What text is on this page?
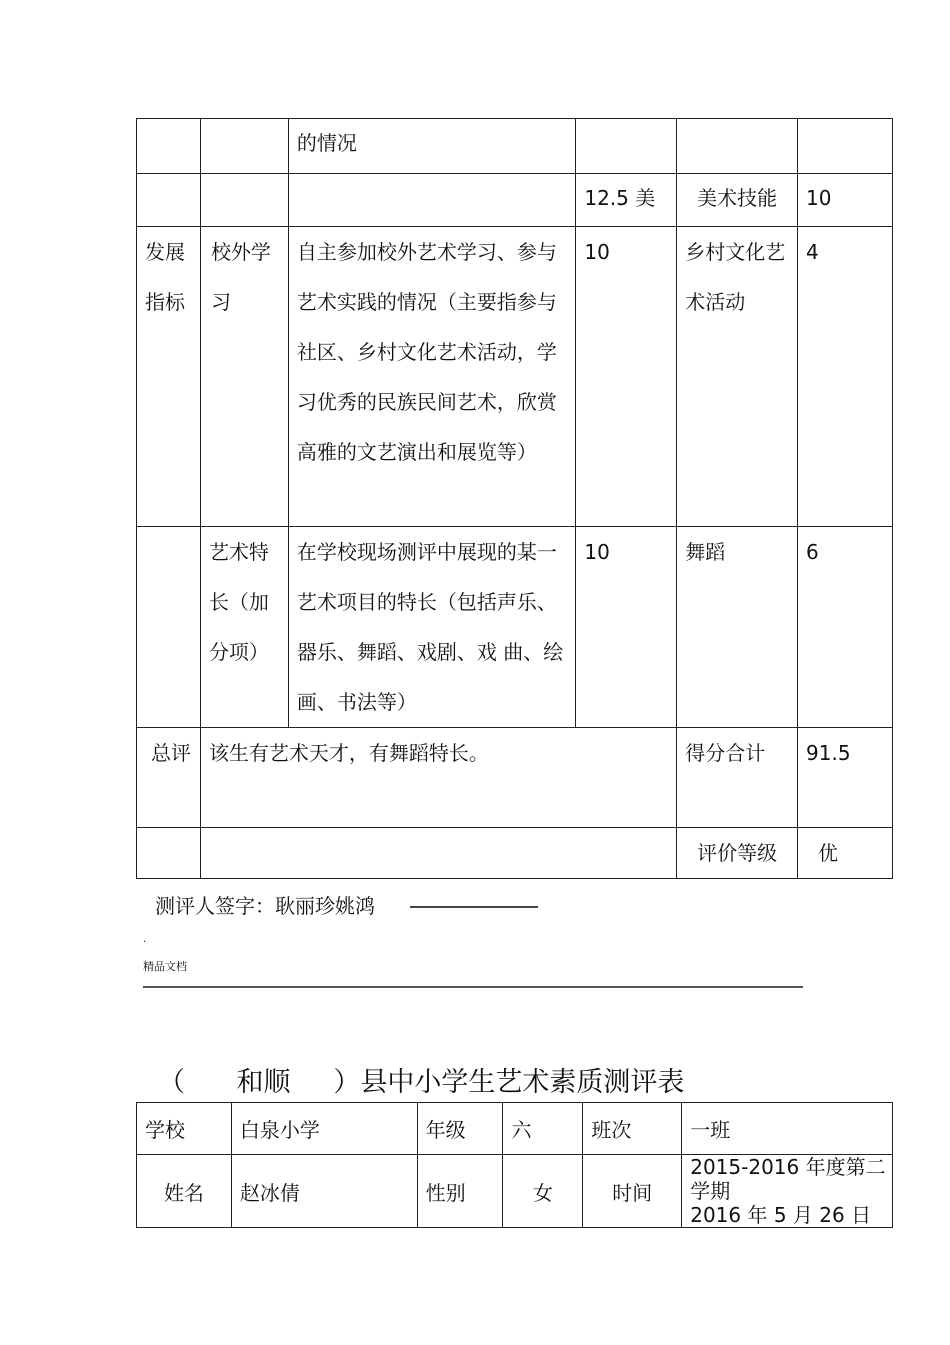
		的情况			
			12.5 美	美术技能	10
发展指标	校外学习	自主参加校外艺术学习、参与艺术实践的情况（主要指参与社区、乡村文化艺术活动，学习优秀的民族民间艺术，欣赏高雅的文艺演出和展览等）	10	乡村文化艺术活动	4
	艺术特长（加分项）	在学校现场测评中展现的某一艺术项目的特长（包括声乐、器乐、舞蹈、戏剧、戏 曲、绘画、书法等）	10	舞蹈	6
总评	该生有艺术天才，有舞蹈特长。			得分合计	91.5
				评价等级	优
测评人签字：耿丽珍姚鸿
.
精品文档
（      和顺     ）县中小学生艺术素质测评表
学校	白泉小学	年级	六	班次	一班
姓名	赵冰倩	性别	女	时间	2015-2016 年度第二学期
2016 年 5 月 26 日
